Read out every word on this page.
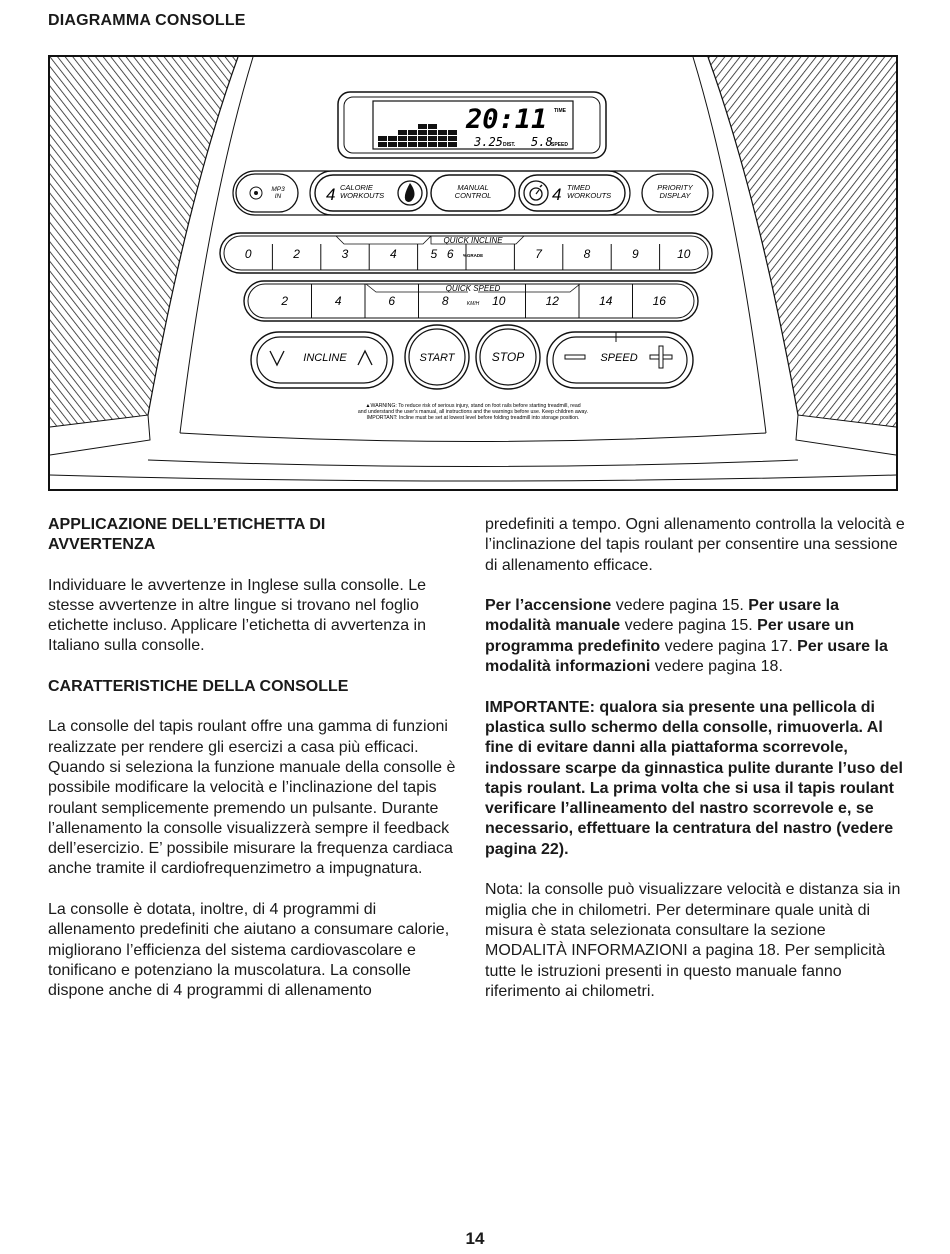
DIAGRAMMA CONSOLLE
20:11 TIME
3.25 DIST. 5.8
SPEED
MP3
IN	4 CALORIE
WORKOUTS
MANUAL
CONTROL	4 TIMED
WORKOUTS
PRIORITY
DISPLAY
QUICK INCLINE
0	2	3	4	5 6	7	8	9	10
%GRADE
QUICK SPEED
2	4	6	8	10	12	14	16
KM/H
INCLINE	START	STOP	SPEED
▲WARNING: To reduce risk of serious injury, stand on foot rails before starting treadmill, read
and understand the user's manual, all instructions and the warnings before use. Keep children away.
IMPORTANT: Incline must be set at lowest level before folding treadmill into storage position.
APPLICAZIONE DELL’ETICHETTA DI
AVVERTENZA

Individuare le avvertenze in Inglese sulla consolle. Le stesse avvertenze in altre lingue si trovano nel foglio etichette incluso. Applicare l’etichetta di avvertenza in Italiano sulla consolle.

CARATTERISTICHE DELLA CONSOLLE

La consolle del tapis roulant offre una gamma di funzioni realizzate per rendere gli esercizi a casa più efficaci. Quando si seleziona la funzione manuale della consolle è possibile modificare la velocità e l’inclinazione del tapis roulant semplicemente premendo un pulsante. Durante l’allenamento la consolle visualizzerà sempre il feedback dell’esercizio. E’ possibile misurare la frequenza cardiaca anche tramite il cardiofrequenzimetro a impugnatura.

La consolle è dotata, inoltre, di 4 programmi di allenamento predefiniti che aiutano a consumare calorie, migliorano l’efficienza del sistema cardiovascolare e tonificano e potenziano la muscolatura. La consolle dispone anche di 4 programmi di allenamento

predefiniti a tempo. Ogni allenamento controlla la velocità e l’inclinazione del tapis roulant per consentire una sessione di allenamento efficace.

Per l’accensione vedere pagina 15. Per usare la modalità manuale vedere pagina 15. Per usare un programma predefinito vedere pagina 17. Per usare la modalità informazioni vedere pagina 18.

IMPORTANTE: qualora sia presente una pellicola di plastica sullo schermo della consolle, rimuoverla. Al fine di evitare danni alla piattaforma scorrevole, indossare scarpe da ginnastica pulite durante l’uso del tapis roulant. La prima volta che si usa il tapis roulant verificare l’allineamento del nastro scorrevole e, se necessario, effettuare la centratura del nastro (vedere pagina 22).

Nota: la consolle può visualizzare velocità e distanza sia in miglia che in chilometri. Per determinare quale unità di misura è stata selezionata consultare la sezione MODALITÀ INFORMAZIONI a pagina 18. Per semplicità tutte le istruzioni presenti in questo manuale fanno riferimento ai chilometri.

14
